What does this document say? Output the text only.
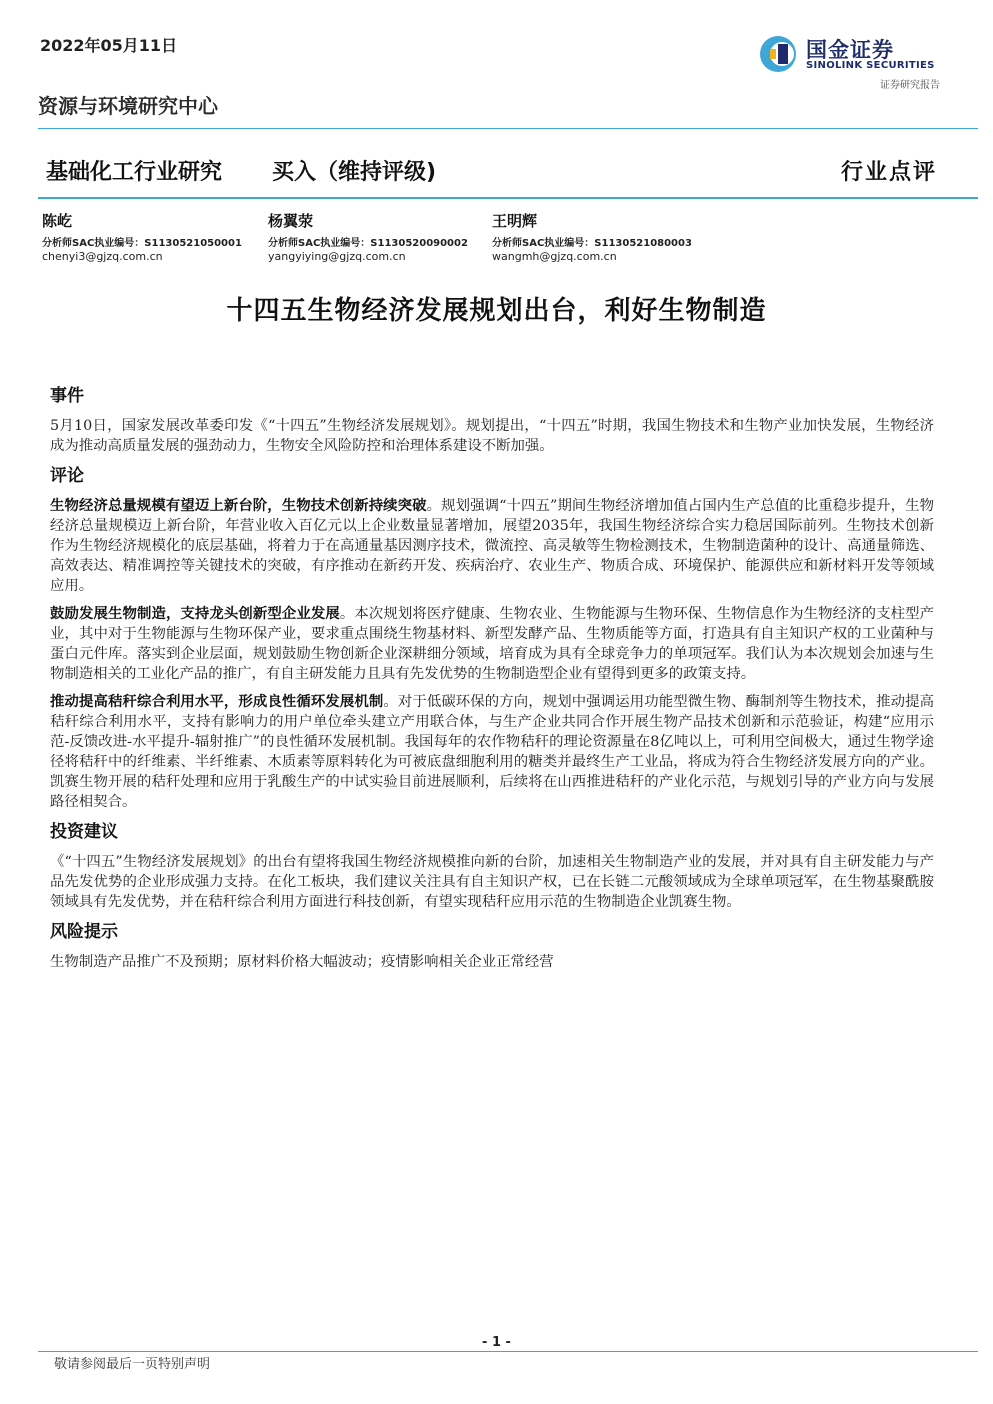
2022年05月11日	国金证券
SINOLINK SECURITIES
证券研究报告
资源与环境研究中心
基础化工行业研究 买入（维持评级)	行业点评
陈屹
分析师SAC执业编号：S1130521050001
chenyi3@gjzq.com.cn
杨翼荥
分析师SAC执业编号：S1130520090002
yangyiying@gjzq.com.cn
王明辉
分析师SAC执业编号：S1130521080003
wangmh@gjzq.com.cn
十四五生物经济发展规划出台，利好生物制造
事件

5月10日，国家发展改革委印发《“十四五”生物经济发展规划》。规划提出，“十四五”时期，我国生物技术和生物产业加快发展，生物经济成为推动高质量发展的强劲动力，生物安全风险防控和治理体系建设不断加强。

评论

生物经济总量规模有望迈上新台阶，生物技术创新持续突破。规划强调“十四五”期间生物经济增加值占国内生产总值的比重稳步提升，生物经济总量规模迈上新台阶，年营业收入百亿元以上企业数量显著增加，展望2035年，我国生物经济综合实力稳居国际前列。生物技术创新作为生物经济规模化的底层基础，将着力于在高通量基因测序技术，微流控、高灵敏等生物检测技术，生物制造菌种的设计、高通量筛选、高效表达、精准调控等关键技术的突破，有序推动在新药开发、疾病治疗、农业生产、物质合成、环境保护、能源供应和新材料开发等领域应用。

鼓励发展生物制造，支持龙头创新型企业发展。本次规划将医疗健康、生物农业、生物能源与生物环保、生物信息作为生物经济的支柱型产业，其中对于生物能源与生物环保产业，要求重点围绕生物基材料、新型发酵产品、生物质能等方面，打造具有自主知识产权的工业菌种与蛋白元件库。落实到企业层面，规划鼓励生物创新企业深耕细分领域，培育成为具有全球竞争力的单项冠军。我们认为本次规划会加速与生物制造相关的工业化产品的推广，有自主研发能力且具有先发优势的生物制造型企业有望得到更多的政策支持。

推动提高秸秆综合利用水平，形成良性循环发展机制。对于低碳环保的方向，规划中强调运用功能型微生物、酶制剂等生物技术，推动提高秸秆综合利用水平，支持有影响力的用户单位牵头建立产用联合体，与生产企业共同合作开展生物产品技术创新和示范验证，构建“应用示范-反馈改进-水平提升-辐射推广”的良性循环发展机制。我国每年的农作物秸秆的理论资源量在8亿吨以上，可利用空间极大，通过生物学途径将秸秆中的纤维素、半纤维素、木质素等原料转化为可被底盘细胞利用的糖类并最终生产工业品，将成为符合生物经济发展方向的产业。凯赛生物开展的秸秆处理和应用于乳酸生产的中试实验目前进展顺利，后续将在山西推进秸秆的产业化示范，与规划引导的产业方向与发展路径相契合。

投资建议

《“十四五”生物经济发展规划》的出台有望将我国生物经济规模推向新的台阶，加速相关生物制造产业的发展，并对具有自主研发能力与产品先发优势的企业形成强力支持。在化工板块，我们建议关注具有自主知识产权，已在长链二元酸领域成为全球单项冠军，在生物基聚酰胺领域具有先发优势，并在秸秆综合利用方面进行科技创新，有望实现秸秆应用示范的生物制造企业凯赛生物。

风险提示

生物制造产品推广不及预期；原材料价格大幅波动；疫情影响相关企业正常经营

- 1 -
敬请参阅最后一页特别声明
